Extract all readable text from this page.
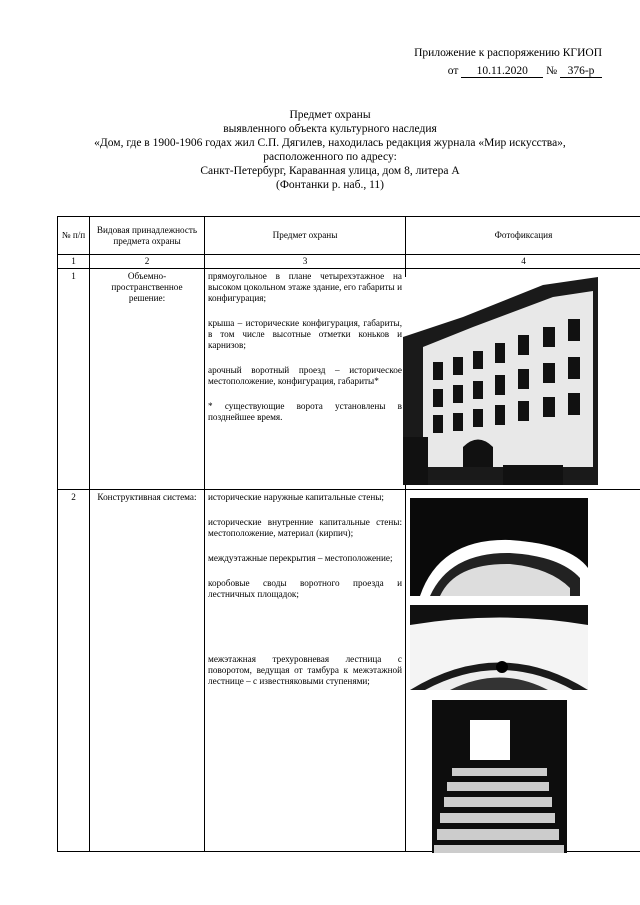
Приложение к распоряжению КГИОП
от 10.11.2020 № 376-р
Предмет охраны
выявленного объекта культурного наследия
«Дом, где в 1900-1906 годах жил С.П. Дягилев, находилась редакция журнала «Мир искусства»,
расположенного по адресу:
Санкт-Петербург, Караванная улица, дом 8, литера А
(Фонтанки р. наб., 11)
№ п/п	Видовая принадлежность предмета охраны	Предмет охраны	Фотофиксация
1	2	3	4
1	Объемно-пространственное решение:	прямоугольное в плане четырехэтажное на высоком цокольном этаже здание, его габариты и конфигурация;

крыша – исторические конфигурация, габариты, в том числе высотные отметки коньков и карнизов;

арочный воротный проезд – историческое местоположение, конфигурация, габариты*

* существующие ворота установлены в позднейшее время.	

2	Конструктивная система:	исторические наружные капитальные стены;

исторические внутренние капитальные стены: местоположение, материал (кирпич);

междуэтажные перекрытия – местоположение;

коробовые своды воротного проезда и лестничных площадок;

межэтажная трехуровневая лестница с поворотом, ведущая от тамбура к межэтажной лестнице – с известняковыми ступенями;	
